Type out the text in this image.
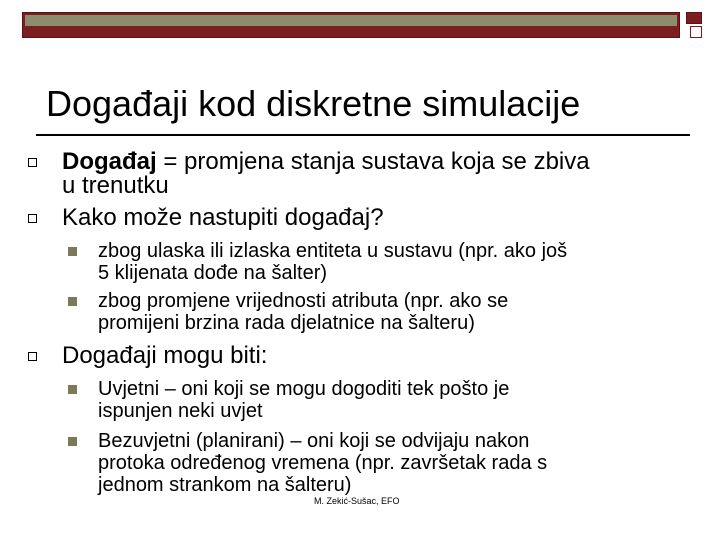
Događaji kod diskretne simulacije
Događaj = promjena stanja sustava koja se zbiva
u trenutku
Kako može nastupiti događaj?
zbog ulaska ili izlaska entiteta u sustavu (npr. ako još
5 klijenata dođe na šalter)
zbog promjene vrijednosti atributa (npr. ako se
promijeni brzina rada djelatnice na šalteru)
Događaji mogu biti:
Uvjetni – oni koji se mogu dogoditi tek pošto je
ispunjen neki uvjet
Bezuvjetni (planirani) – oni koji se odvijaju nakon
protoka određenog vremena (npr. završetak rada s
jednom strankom na šalteru)
M. Zekić-Sušac, EFO
